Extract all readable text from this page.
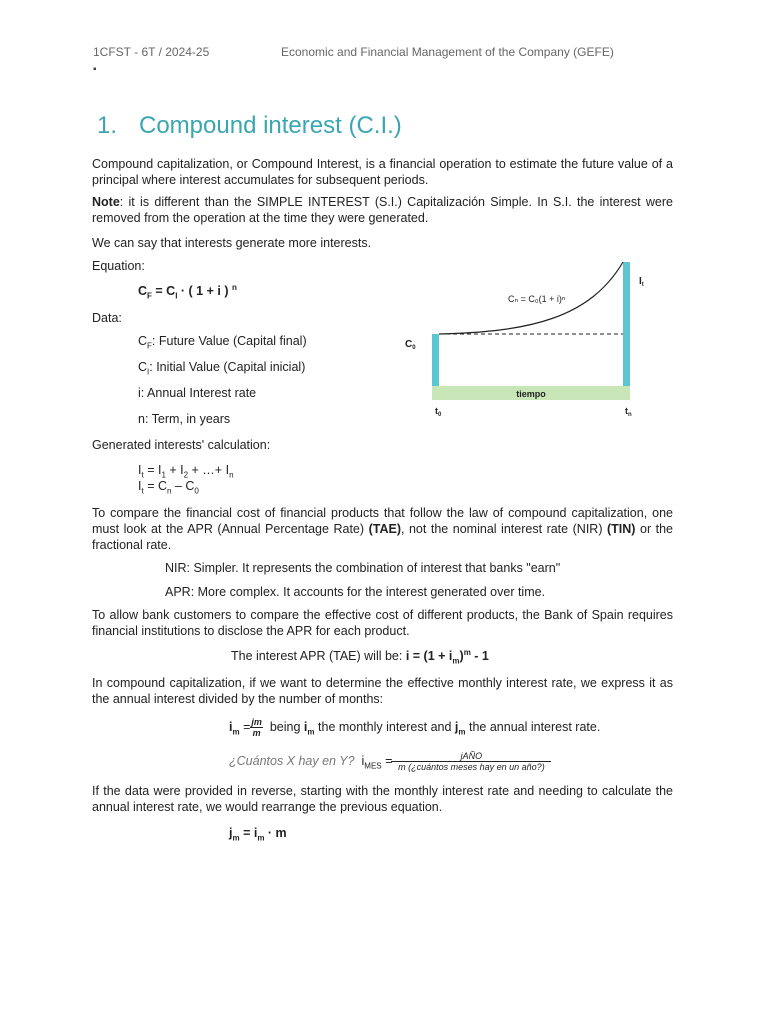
1CFST - 6T / 2024-25	Economic and Financial Management of the Company (GEFE)
▪
1. Compound interest (C.I.)

Compound capitalization, or Compound Interest, is a financial operation to estimate the future value of a principal where interest accumulates for subsequent periods.

Note: it is different than the SIMPLE INTEREST (S.I.) Capitalización Simple. In S.I. the interest were removed from the operation at the time they were generated.

We can say that interests generate more interests.

Equation:

$C_F = C_I$ · ( 1 + i ) $^n$

Data:

$C_F$: Future Value (Capital final)
$C_I$: Initial Value (Capital inicial)
i: Annual Interest rate
n: Term, in years
Cₙ = C₀(1 + i)ⁿ
$I_t$
$C_0$
tiempo
$t_0$	$t_n$

Generated interests' calculation:

$I_t = I_1 + I_2$ + …+ $I_n$
$I_t = C_n - C_0$

To compare the financial cost of financial products that follow the law of compound capitalization, one must look at the APR (Annual Percentage Rate) (TAE), not the nominal interest rate (NIR) (TIN) or the fractional rate.

NIR: Simpler. It represents the combination of interest that banks "earn"
APR: More complex. It accounts for the interest generated over time.

To allow bank customers to compare the effective cost of different products, the Bank of Spain requires financial institutions to disclose the APR for each product.

The interest APR (TAE) will be: $i = (1 + i_m)^m - 1$

In compound capitalization, if we want to determine the effective monthly interest rate, we express it as the annual interest divided by the number of months:

$i_m = \frac{jm}{m}$ being $i_m$ the monthly interest and $j_m$ the annual interest rate.
¿Cuántos X hay en Y?  $i_{MES} = \frac{\text{jAÑO}}{\text{m (¿cuántos meses hay en un año?)}}$

If the data were provided in reverse, starting with the monthly interest rate and needing to calculate the annual interest rate, we would rearrange the previous equation.

$j_m = i_m \cdot m$
